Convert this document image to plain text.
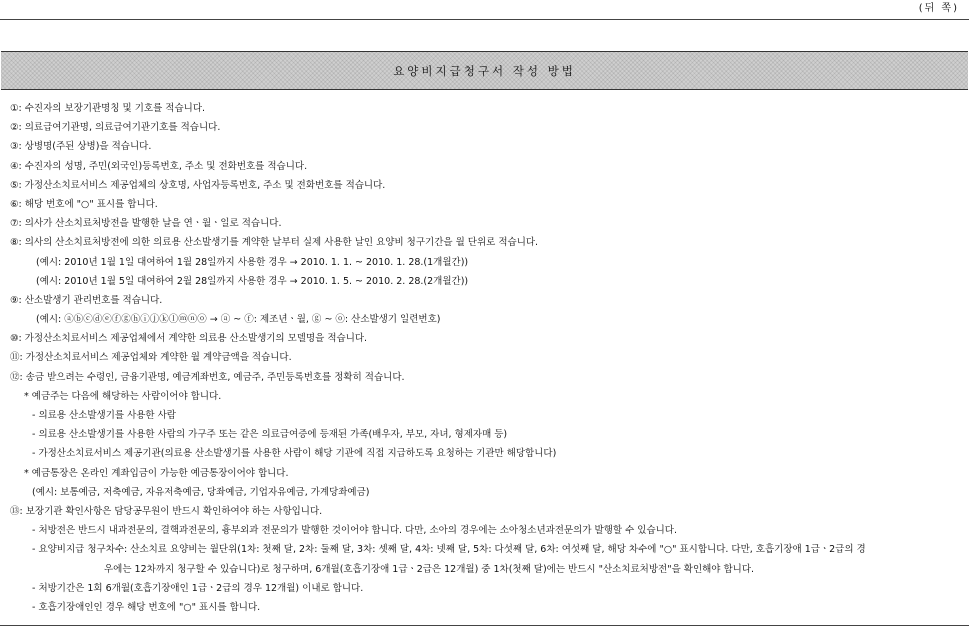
(뒤 쪽)
요양비지급청구서 작성 방법
①: 수진자의 보장기관명칭 및 기호를 적습니다.
②: 의료급여기관명, 의료급여기관기호를 적습니다.
③: 상병명(주된 상병)을 적습니다.
④: 수진자의 성명, 주민(외국인)등록번호, 주소 및 전화번호를 적습니다.
⑤: 가정산소치료서비스 제공업체의 상호명, 사업자등록번호, 주소 및 전화번호를 적습니다.
⑥: 해당 번호에 "○" 표시를 합니다.
⑦: 의사가 산소치료처방전을 발행한 날을 연ㆍ월ㆍ일로 적습니다.
⑧: 의사의 산소치료처방전에 의한 의료용 산소발생기를 계약한 날부터 실제 사용한 날인 요양비 청구기간을 월 단위로 적습니다.
(예시: 2010년 1월 1일 대여하여 1월 28일까지 사용한 경우 → 2010. 1. 1. ~ 2010. 1. 28.(1개월간))
(예시: 2010년 1월 5일 대여하여 2월 28일까지 사용한 경우 → 2010. 1. 5. ~ 2010. 2. 28.(2개월간))
⑨: 산소발생기 관리번호를 적습니다.
(예시: ⓐⓑⓒⓓⓔⓕⓖⓗⓘⓙⓚⓛⓜⓝⓞ → ⓐ ~ ⓕ: 제조년ㆍ월, ⓖ ~ ⓞ: 산소발생기 일련번호)
⑩: 가정산소치료서비스 제공업체에서 계약한 의료용 산소발생기의 모델명을 적습니다.
⑪: 가정산소치료서비스 제공업체와 계약한 월 계약금액을 적습니다.
⑫: 송금 받으려는 수령인, 금융기관명, 예금계좌번호, 예금주, 주민등록번호를 정확히 적습니다.
* 예금주는 다음에 해당하는 사람이어야 합니다.
- 의료용 산소발생기를 사용한 사람
- 의료용 산소발생기를 사용한 사람의 가구주 또는 같은 의료급여증에 등재된 가족(배우자, 부모, 자녀, 형제자매 등)
- 가정산소치료서비스 제공기관(의료용 산소발생기를 사용한 사람이 해당 기관에 직접 지급하도록 요청하는 기관만 해당합니다)
* 예금통장은 온라인 계좌입금이 가능한 예금통장이어야 합니다.
(예시: 보통예금, 저축예금, 자유저축예금, 당좌예금, 기업자유예금, 가계당좌예금)
⑬: 보장기관 확인사항은 담당공무원이 반드시 확인하여야 하는 사항입니다.
- 처방전은 반드시 내과전문의, 결핵과전문의, 흉부외과 전문의가 발행한 것이어야 합니다. 다만, 소아의 경우에는 소아청소년과전문의가 발행할 수 있습니다.
- 요양비지급 청구차수: 산소치료 요양비는 월단위(1차: 첫째 달, 2차: 둘째 달, 3차: 셋째 달, 4차: 넷째 달, 5차: 다섯째 달, 6차: 여섯째 달, 해당 차수에 "○" 표시합니다. 다만, 호흡기장애 1급ㆍ2급의 경
우에는 12차까지 청구할 수 있습니다)로 청구하며, 6개월(호흡기장애 1급ㆍ2급은 12개월) 중 1차(첫째 달)에는 반드시 "산소치료처방전"을 확인해야 합니다.
- 처방기간은 1회 6개월(호흡기장애인 1급ㆍ2급의 경우 12개월) 이내로 합니다.
- 호흡기장애인인 경우 해당 번호에 "○" 표시를 합니다.
